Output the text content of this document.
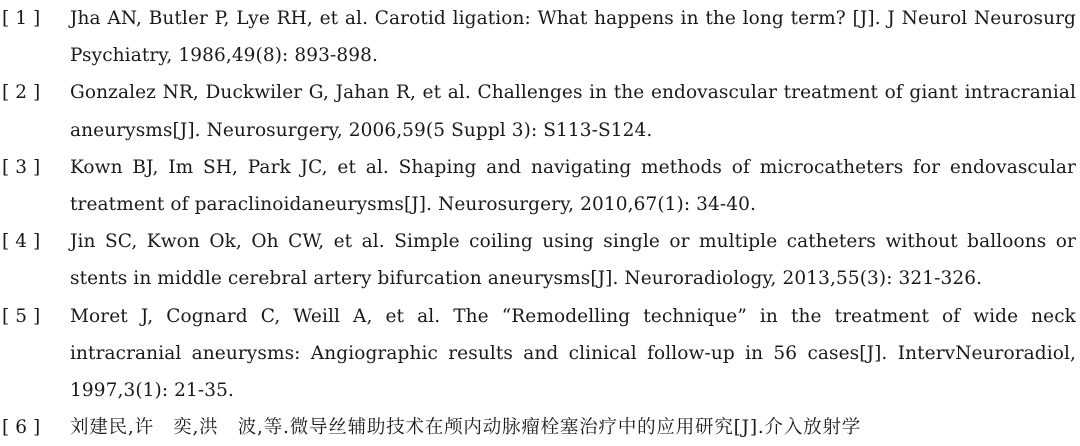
[1]	Jha AN, Butler P, Lye RH, et al. Carotid ligation: What happens in the long term? [J]. J Neurol Neurosurg Psychiatry, 1986,49(8): 893-898.

[2]	Gonzalez NR, Duckwiler G, Jahan R, et al. Challenges in the endovascular treatment of giant intracranial aneurysms[J]. Neurosurgery, 2006,59(5 Suppl 3): S113-S124.

[3]	Kown BJ, Im SH, Park JC, et al. Shaping and navigating methods of microcatheters for endovascular treatment of paraclinoidaneurysms[J]. Neurosurgery, 2010,67(1): 34-40.

[4]	Jin SC, Kwon Ok, Oh CW, et al. Simple coiling using single or multiple catheters without balloons or stents in middle cerebral artery bifurcation aneurysms[J]. Neuroradiology, 2013,55(3): 321-326.

[5]	Moret J, Cognard C, Weill A, et al. The “Remodelling technique” in the treatment of wide neck intracranial aneurysms: Angiographic results and clinical follow-up in 56 cases[J]. IntervNeuroradiol, 1997,3(1): 21-35.

[6]	刘建民,许　奕,洪　波,等.微导丝辅助技术在颅内动脉瘤栓塞治疗中的应用研究[J].介入放射学
